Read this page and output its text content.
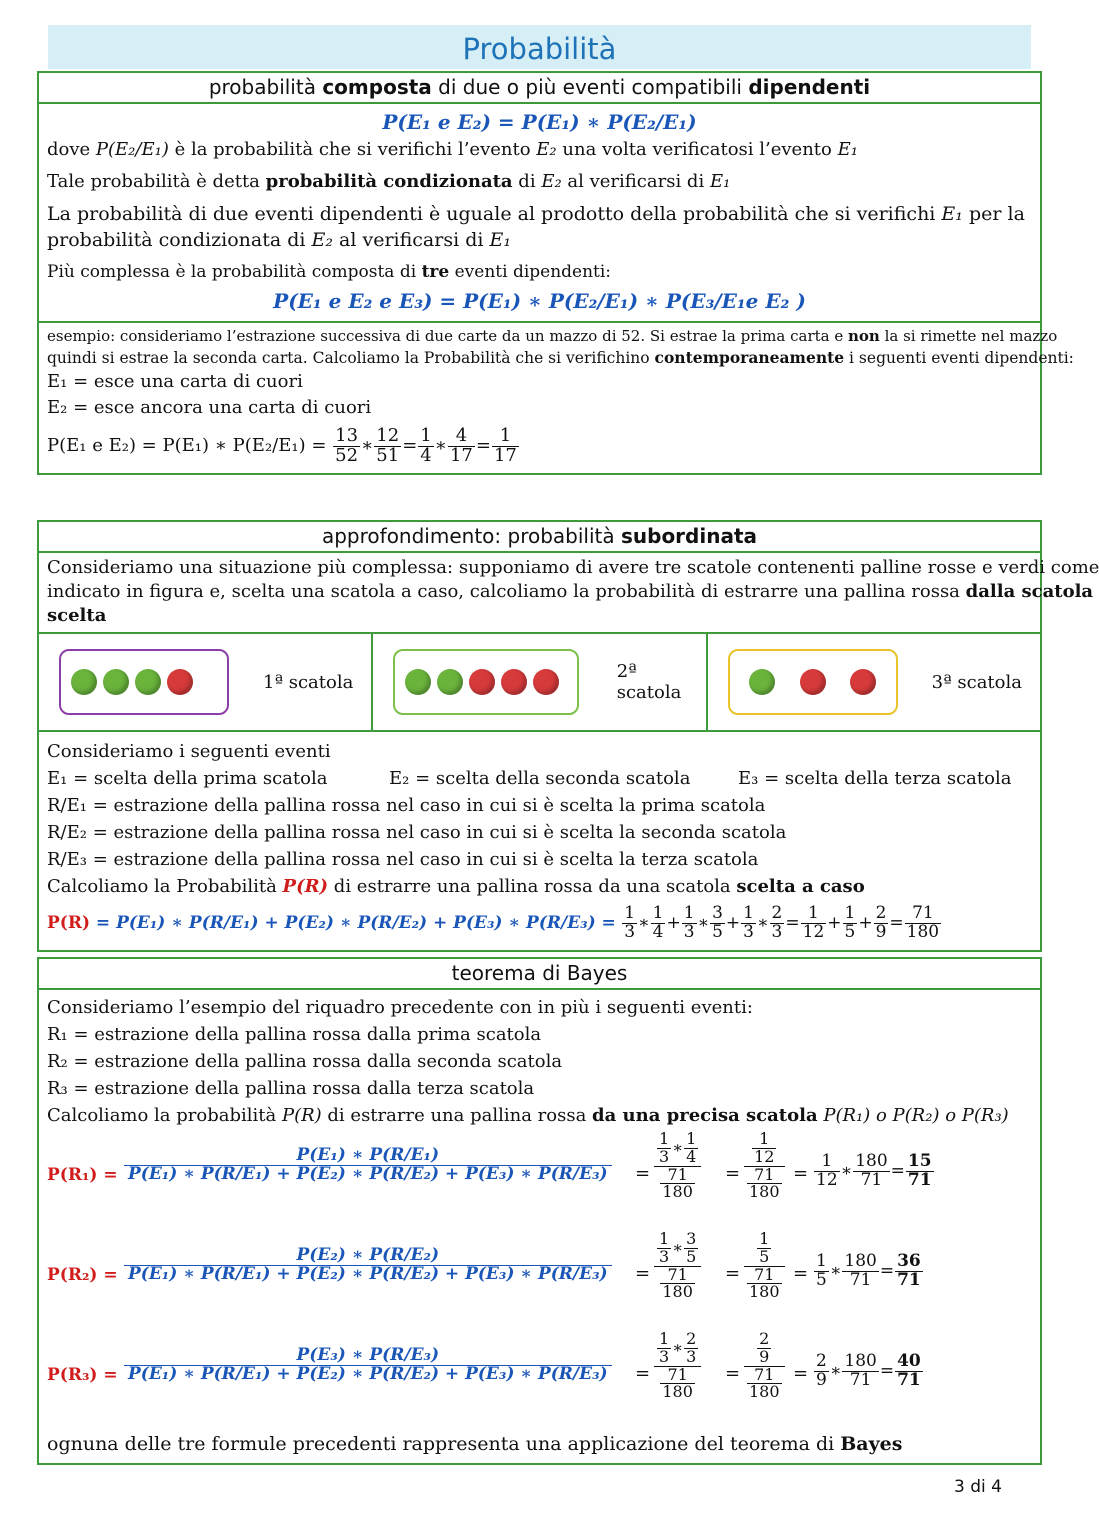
Probabilità
probabilità composta di due o più eventi compatibili dipendenti
P(E₁ e E₂) = P(E₁) ∗ P(E₂/E₁)
dove P(E₂/E₁) è la probabilità che si verifichi l’evento E₂ una volta verificatosi l’evento E₁
Tale probabilità è detta probabilità condizionata di E₂ al verificarsi di E₁
La probabilità di due eventi dipendenti è uguale al prodotto della probabilità che si verifichi E₁ per la
probabilità condizionata di E₂ al verificarsi di E₁
Più complessa è la probabilità composta di tre eventi dipendenti:
P(E₁ e E₂ e E₃) = P(E₁) ∗ P(E₂/E₁) ∗ P(E₃/E₁e E₂ )
esempio: consideriamo l’estrazione successiva di due carte da un mazzo di 52. Si estrae la prima carta e non la si rimette nel mazzo
quindi si estrae la seconda carta. Calcoliamo la Probabilità che si verifichino contemporaneamente i seguenti eventi dipendenti:
E₁ = esce una carta di cuori
E₂ = esce ancora una carta di cuori
P(E₁ e E₂) = P(E₁) ∗ $P(E_2/E_1) = \frac{13}{52}$ ∗ $\frac{12}{51} = \frac{1}{4}$ ∗ $\frac{4}{17} = \frac{1}{17}$
approfondimento: probabilità subordinata
Consideriamo una situazione più complessa: supponiamo di avere tre scatole contenenti palline rosse e verdi come
indicato in figura e, scelta una scatola a caso, calcoliamo la probabilità di estrarre una pallina rossa dalla scatola
scelta
1ª scatola	2ª scatola	3ª scatola
Consideriamo i seguenti eventi
E₁ = scelta della prima scatola	E₂ = scelta della seconda scatola	E₃ = scelta della terza scatola
R/E₁ = estrazione della pallina rossa nel caso in cui si è scelta la prima scatola
R/E₂ = estrazione della pallina rossa nel caso in cui si è scelta la seconda scatola
R/E₃ = estrazione della pallina rossa nel caso in cui si è scelta la terza scatola
Calcoliamo la Probabilità P(R) di estrarre una pallina rossa da una scatola scelta a caso
P(R) = P(E₁) ∗ P(R/E₁) + P(E₂) ∗ P(R/E₂) + P(E₃) ∗ $P(R/E_3) = \frac{1}{3}$ ∗ $\frac{1}{4} + \frac{1}{3}$ ∗ $\frac{3}{5} + \frac{1}{3}$ ∗ $\frac{2}{3} = \frac{1}{12} + \frac{1}{5} + \frac{2}{9} = \frac{71}{180}$
teorema di Bayes
Consideriamo l’esempio del riquadro precedente con in più i seguenti eventi:
R₁ = estrazione della pallina rossa dalla prima scatola
R₂ = estrazione della pallina rossa dalla seconda scatola
R₃ = estrazione della pallina rossa dalla terza scatola
Calcoliamo la probabilità P(R) di estrarre una pallina rossa da una precisa scatola P(R₁) o P(R₂) o P(R₃)
$P(R_1) = \frac{\text{P(E₁) ∗ P(R/E₁)}}{\text{P(E₁) ∗ P(R/E₁) + P(E₂) ∗ P(R/E₂) + P(E₃) ∗ P(R/E₃)}} = \frac{\frac{1}{3} ∗ \frac{1}{4}}{\frac{71}{180}} = \frac{\frac{1}{12}}{\frac{71}{180}} = \frac{1}{12}$ ∗ $\frac{180}{71} = \frac{15}{71}$
$P(R_2) = \frac{\text{P(E₂) ∗ P(R/E₂)}}{\text{P(E₁) ∗ P(R/E₁) + P(E₂) ∗ P(R/E₂) + P(E₃) ∗ P(R/E₃)}} = \frac{\frac{1}{3} ∗ \frac{3}{5}}{\frac{71}{180}} = \frac{\frac{1}{5}}{\frac{71}{180}} = \frac{1}{5}$ ∗ $\frac{180}{71} = \frac{36}{71}$
$P(R_3) = \frac{\text{P(E₃) ∗ P(R/E₃)}}{\text{P(E₁) ∗ P(R/E₁) + P(E₂) ∗ P(R/E₂) + P(E₃) ∗ P(R/E₃)}} = \frac{\frac{1}{3} ∗ \frac{2}{3}}{\frac{71}{180}} = \frac{\frac{2}{9}}{\frac{71}{180}} = \frac{2}{9}$ ∗ $\frac{180}{71} = \frac{40}{71}$
ognuna delle tre formule precedenti rappresenta una applicazione del teorema di Bayes
3 di 4
